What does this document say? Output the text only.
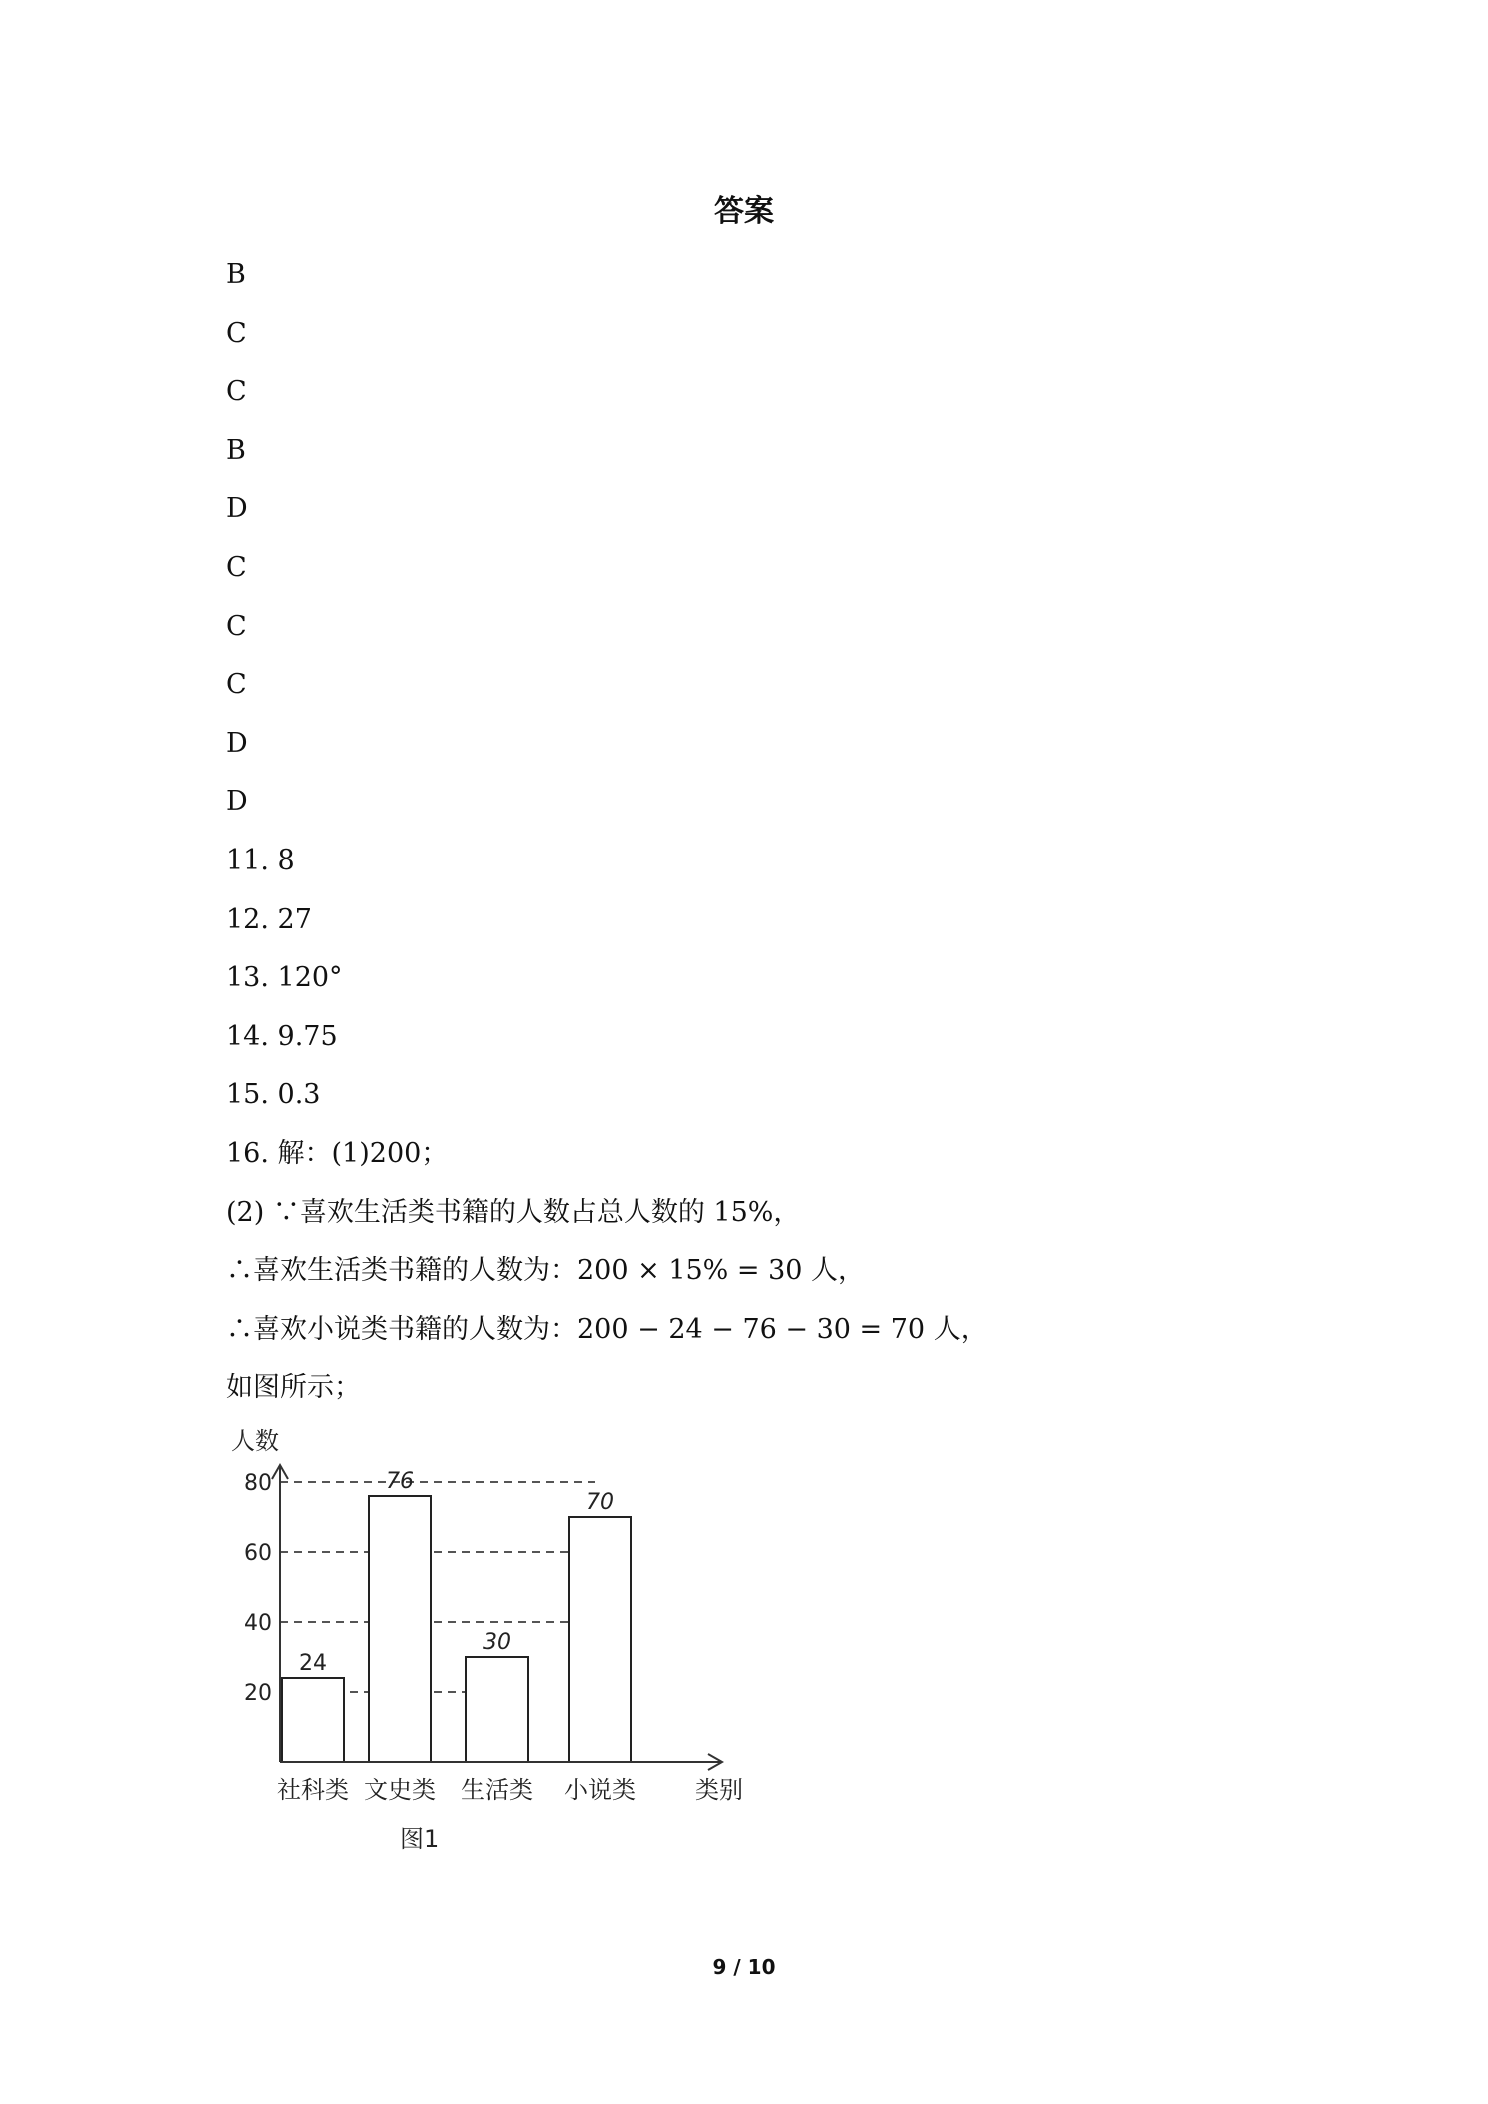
答案
B
C
C
B
D
C
C
C
D
D
11. 8
12. 27
13. 120°
14. 9.75
15. 0.3
16. 解：(1)200；
(2) ∵喜欢生活类书籍的人数占总人数的 15%，
∴喜欢生活类书籍的人数为：200 × 15% = 30 人，
∴喜欢小说类书籍的人数为：200 − 24 − 76 − 30 = 70 人，
如图所示；
20
40
60
80
社科类 文史类 生活类 小说类
24
76
30
70
人数
类别
图1
9 / 10
